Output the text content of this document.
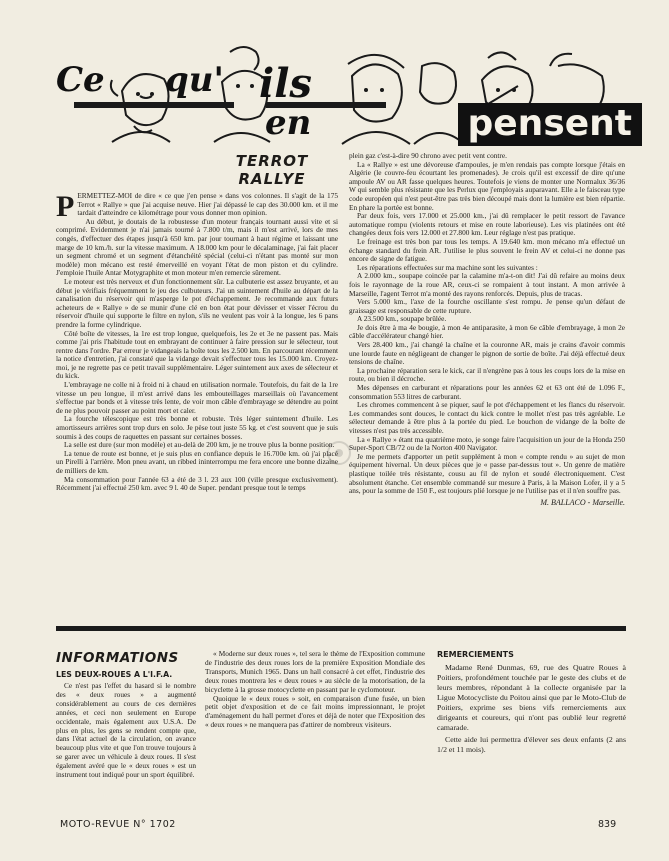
Ce qu' ils
en	pensent
TERROT
RALLYE

PERMETTEZ-MOI de dire « ce que j'en pense » dans vos colonnes. Il s'agit de la 175 Terrot « Rallye » que j'ai acquise neuve. Hier j'ai dépassé le cap des 30.000 km. et il me tardait d'atteindre ce kilométrage pour vous donner mon opinion.

Au début, je doutais de la robustesse d'un moteur français tournant aussi vite et si comprimé. Evidemment je n'ai jamais tourné à 7.800 t/m, mais il m'est arrivé, lors de mes congés, d'effectuer des étapes jusqu'à 650 km. par jour tournant à haut régime et laissant une marge de 10 km./h. sur la vitesse maximum. A 18.000 km pour le décalaminage, j'ai fait placer un segment chromé et un segment d'étanchéité spécial (celui-ci n'étant pas monté sur mon modèle) mon mécano est resté émerveillé en voyant l'état de mon piston et du cylindre. J'emploie l'huile Antar Motygraphite et mon moteur m'en remercie sûrement.

Le moteur est très nerveux et d'un fonctionnement sûr. La culbuterie est assez bruyante, et au début je vérifiais fréquemment le jeu des culbuteurs. J'ai un suintement d'huile au départ de la canalisation du réservoir qui m'asperge le pot d'échappement. Je recommande aux futurs acheteurs de « Rallye » de se munir d'une clé en bon état pour dévisser et visser l'écrou du réservoir d'huile qui supporte le filtre en nylon, s'ils ne veulent pas voir à la longue, les 6 pans prendre la forme cylindrique.

Côté boîte de vitesses, la 1re est trop longue, quelquefois, les 2e et 3e ne passent pas. Mais comme j'ai pris l'habitude tout en embrayant de continuer à faire pression sur le sélecteur, tout rentre dans l'ordre. Par erreur je vidangeais la boîte tous les 2.500 km. En parcourant récemment la notice d'entretien, j'ai constaté que la vidange devait s'effectuer tous les 15.000 km. Croyez-moi, je ne regrette pas ce petit travail supplémentaire. Léger suintement aux axes de sélecteur et du kick.

L'embrayage ne colle ni à froid ni à chaud en utilisation normale. Toutefois, du fait de la 1re vitesse un peu longue, il m'est arrivé dans les embouteillages marseillais où l'avancement s'effectue par bonds et à vitesse très lente, de voir mon câble d'embrayage se détendre au point de ne plus pouvoir passer au point mort et caler.

La fourche télescopique est très bonne et robuste. Très léger suintement d'huile. Les amortisseurs arrières sont trop durs en solo. Je pèse tout juste 55 kg. et c'est souvent que je suis soumis à des coups de raquettes en passant sur certaines bosses.

La selle est dure (sur mon modèle) et au-delà de 200 km, je ne trouve plus la bonne position.

La tenue de route est bonne, et je suis plus en confiance depuis le 16.700e km. où j'ai placé un Pirelli à l'arrière. Mon pneu avant, un ribbed ininterrompu me fera encore une bonne dizaine de milliers de km.

Ma consommation pour l'année 63 a été de 3 l. 23 aux 100 (ville presque exclusivement). Récemment j'ai effectué 250 km. avec 9 l. 40 de Super. pendant presque tout le temps

plein gaz c'est-à-dire 90 chrono avec petit vent contre.

La « Rallye » est une dévoreuse d'ampoules, je m'en rendais pas compte lorsque j'étais en Algérie (le couvre-feu écourtant les promenades). Je crois qu'il est excessif de dire qu'une ampoule AV ou AR fasse quelques heures. Toutefois je viens de monter une Normalux 36/36 W qui semble plus résistante que les Perlux que j'employais auparavant. Elle a le faisceau type code européen qui n'est peut-être pas très bien découpé mais dont la lumière est bien répartie. En phare la portée est bonne.

Par deux fois, vers 17.000 et 25.000 km., j'ai dû remplacer le petit ressort de l'avance automatique rompu (violents retours et mise en route laborieuse). Les vis platinées ont été changées deux fois vers 12.000 et 27.800 km. Leur réglage n'est pas pratique.

Le freinage est très bon par tous les temps. A 19.640 km. mon mécano m'a effectué un échange standard du frein AR. J'utilise le plus souvent le frein AV et celui-ci ne donne pas encore de signe de fatigue.

Les réparations effectuées sur ma machine sont les suivantes :

A 2.000 km., soupape coincée par la calamine m'a-t-on dit! J'ai dû refaire au moins deux fois le rayonnage de la roue AR, ceux-ci se rompaient à tout instant. A mon arrivée à Marseille, l'agent Terrot m'a monté des rayons renforcés. Depuis, plus de tracas.

Vers 5.000 km., l'axe de la fourche oscillante s'est rompu. Je pense qu'un défaut de graissage est responsable de cette rupture.

A 23.500 km., soupape brûlée.

Je dois être à ma 4e bougie, à mon 4e antiparasite, à mon 6e câble d'embrayage, à mon 2e câble d'accélérateur changé hier.

Vers 28.400 km., j'ai changé la chaîne et la couronne AR, mais je crains d'avoir commis une lourde faute en négligeant de changer le pignon de sortie de boîte. J'ai déjà effectué deux tensions de chaîne.

La prochaine réparation sera le kick, car il n'engrène pas à tous les coups lors de la mise en route, ou bien il décroche.

Mes dépenses en carburant et réparations pour les années 62 et 63 ont été de 1.096 F., consommation 553 litres de carburant.

Les chromes commencent à se piquer, sauf le pot d'échappement et les flancs du réservoir. Les commandes sont douces, le contact du kick contre le mollet n'est pas très agréable. Le sélecteur demande à être plus à la portée du pied. Le bouchon de vidange de la boîte de vitesses n'est pas très accessible.

La « Rallye » étant ma quatrième moto, je songe faire l'acquisition un jour de la Honda 250 Super-Sport CB/72 ou de la Norton 400 Navigator.

Je me permets d'apporter un petit supplément à mon « compte rendu » au sujet de mon équipement hivernal. Un deux pièces que je « passe par-dessus tout ». Un genre de matière plastique toilée très résistante, cousu au fil de nylon et soudé électroniquement. C'est absolument étanche. Cet ensemble commandé sur mesure à Paris, à la Maison Lofer, il y a 5 ans, pour la somme de 150 F., est toujours plié lorsque je ne l'utilise pas et il n'en souffre pas.

M. BALLACO - Marseille.
INFORMATIONS
LES DEUX-ROUES A L'I.F.A.

Ce n'est pas l'effet du hasard si le nombre des « deux roues » a augmenté considérablement au cours de ces dernières années, et ceci non seulement en Europe occidentale, mais également aux U.S.A. De plus en plus, les gens se rendent compte que, dans l'état actuel de la circulation, on avance beaucoup plus vite et que l'on trouve toujours à se garer avec un véhicule à deux roues. Il s'est également avéré que le « deux roues » est un instrument tout indiqué pour un sport équilibré.

« Moderne sur deux roues », tel sera le thème de l'Exposition commune de l'industrie des deux roues lors de la première Exposition Mondiale des Transports, Munich 1965. Dans un hall consacré à cet effet, l'industrie des deux roues montrera les « deux roues » au siècle de la motorisation, de la bicyclette à la grosse motocyclette en passant par le cyclomoteur.

Quoique le « deux roues » soit, en comparaison d'une fusée, un bien petit objet d'exposition et de ce fait moins impressionnant, le projet d'aménagement du hall permet d'ores et déjà de noter que l'Exposition des « deux roues » ne manquera pas d'attirer de nombreux visiteurs.

REMERCIEMENTS

Madame René Dunmas, 69, rue des Quatre Roues à Poitiers, profondément touchée par le geste des clubs et de leurs membres, répondant à la collecte organisée par la Ligue Motocycliste du Poitou ainsi que par le Moto-Club de Poitiers, exprime ses biens vifs remerciements aux dirigeants et coureurs, qui n'ont pas oublié leur regretté camarade.

Cette aide lui permettra d'élever ses deux enfants (2 ans 1/2 et 11 mois).

MOTO-REVUE N° 1702	839
